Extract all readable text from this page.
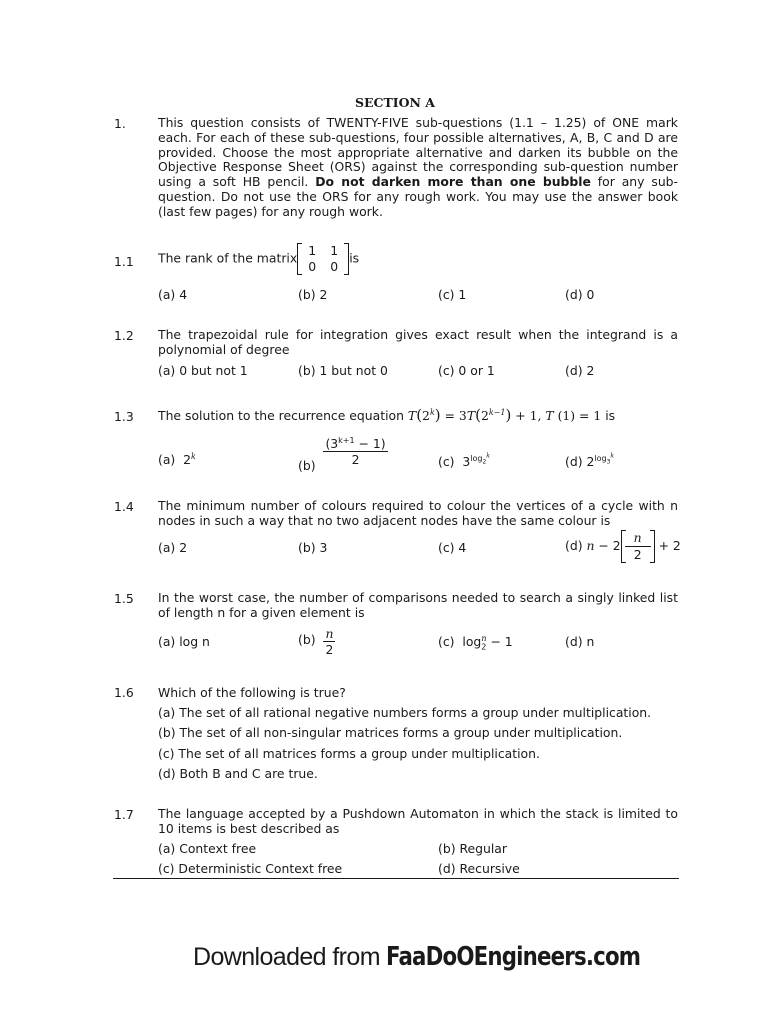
SECTION A
1.	This question consists of TWENTY-FIVE sub-questions (1.1 – 1.25) of ONE mark each. For each of these sub-questions, four possible alternatives, A, B, C and D are provided. Choose the most appropriate alternative and darken its bubble on the Objective Response Sheet (ORS) against the corresponding sub-question number using a soft HB pencil. Do not darken more than one bubble for any sub-question. Do not use the ORS for any rough work. You may use the answer book (last few pages) for any rough work.
1.1 The rank of the matrix 1 1
0 0is
(a) 4	(b) 2	(c) 1	(d) 0
1.2 The trapezoidal rule for integration gives exact result when the integrand is a polynomial of degree
(a) 0 but not 1	(b) 1 but not 0	(c) 0 or 1	(d) 2
1.3 The solution to the recurrence equation $T(2^k) = 3T(2^{k-1}) + 1$, T (1) = 1 is
(a) 2$^k$
$(b) \frac{(3^{k+1} - 1)}{2}$	(c) $3^{log_2^k}$	(d) $2^{log_3^k}$
1.4 The minimum number of colours required to colour the vertices of a cycle with n nodes in such a way that no two adjacent nodes have the same colour is
(a) 2	(b) 3	(c) 4	(d) $n - 2 \frac{n}{2} + 2$
1.5 In the worst case, the number of comparisons needed to search a singly linked list of length n for a given element is
(a) log n	$(b) \frac{n}{2}$	(c) $\log_2^n - 1$	(d) n
1.6 Which of the following is true?
(a) The set of all rational negative numbers forms a group under multiplication.
(b) The set of all non-singular matrices forms a group under multiplication.
(c) The set of all matrices forms a group under multiplication.
(d) Both B and C are true.
1.7 The language accepted by a Pushdown Automaton in which the stack is limited to 10 items is best described as
(a) Context free	(b) Regular
(c) Deterministic Context free	(d) Recursive
Downloaded from FaaDoOEngineers.com
